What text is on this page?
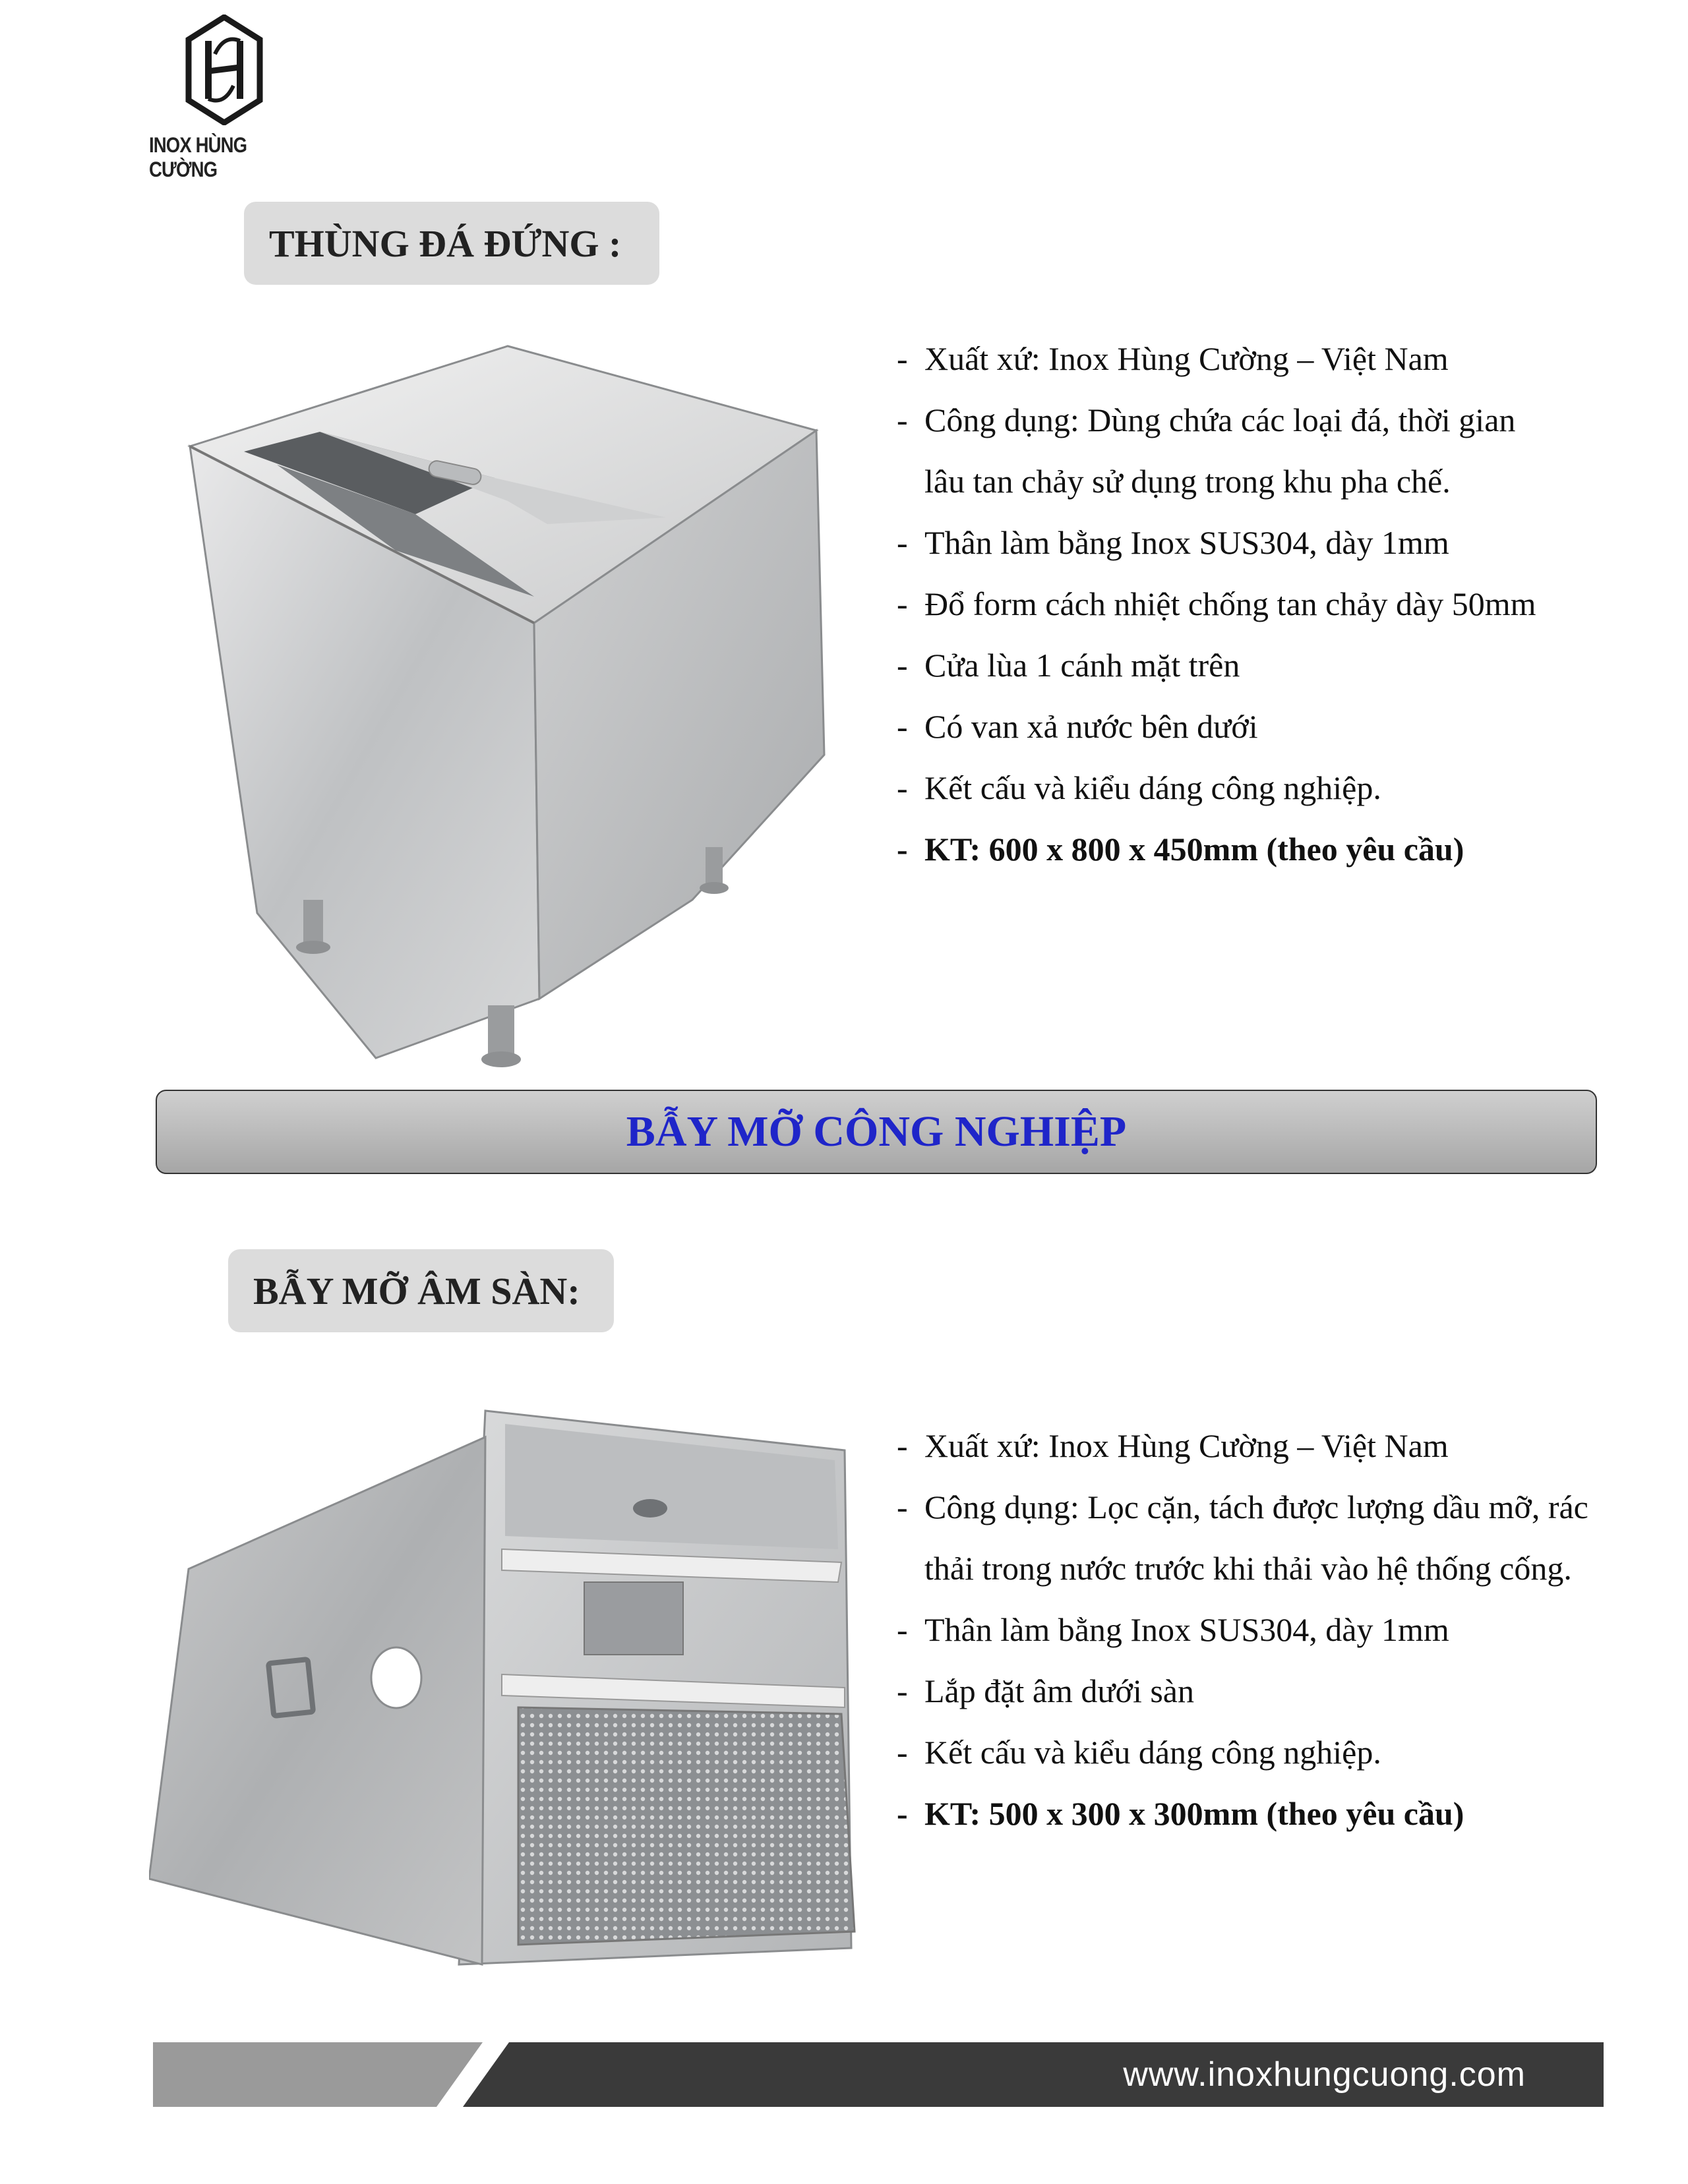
INOX HÙNG CƯỜNG
THÙNG ĐÁ ĐỨNG :
- Xuất xứ: Inox Hùng Cường – Việt Nam
- Công dụng: Dùng chứa các loại đá, thời gian
lâu tan chảy sử dụng trong khu pha chế.
- Thân làm bằng Inox SUS304, dày 1mm
- Đổ form cách nhiệt chống tan chảy dày 50mm
- Cửa lùa 1 cánh mặt trên
- Có van xả nước bên dưới
- Kết cấu và kiểu dáng công nghiệp.
- KT: 600 x 800 x 450mm (theo yêu cầu)
BẪY MỠ CÔNG NGHIỆP
BẪY MỠ ÂM SÀN:
- Xuất xứ: Inox Hùng Cường – Việt Nam
- Công dụng: Lọc cặn, tách được lượng dầu mỡ, rác
thải trong nước trước khi thải vào hệ thống cống.
- Thân làm bằng Inox SUS304, dày 1mm
- Lắp đặt âm dưới sàn
- Kết cấu và kiểu dáng công nghiệp.
- KT: 500 x 300 x 300mm (theo yêu cầu)
www.inoxhungcuong.com
